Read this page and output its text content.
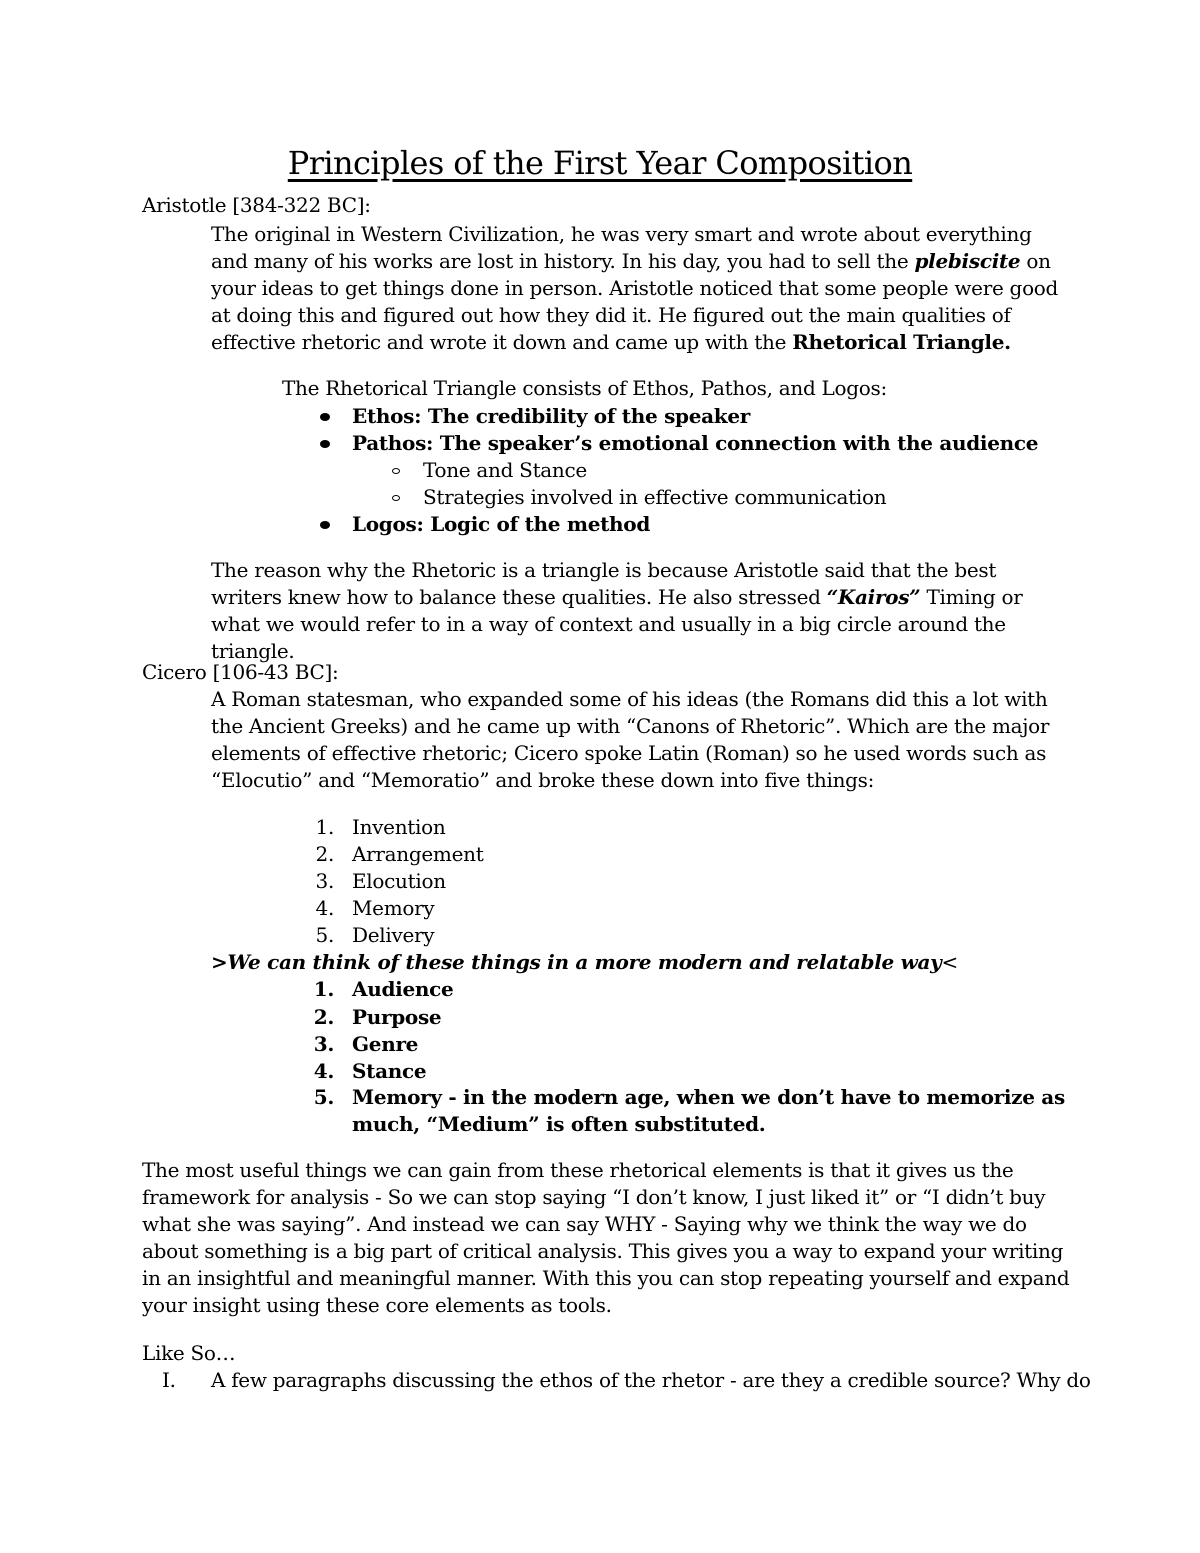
Principles of the First Year Composition

Aristotle [384-322 BC]:

The original in Western Civilization, he was very smart and wrote about everything and many of his works are lost in history. In his day, you had to sell the plebiscite on your ideas to get things done in person. Aristotle noticed that some people were good at doing this and figured out how they did it. He figured out the main qualities of effective rhetoric and wrote it down and came up with the Rhetorical Triangle.

The Rhetorical Triangle consists of Ethos, Pathos, and Logos:

Ethos: The credibility of the speaker
Pathos: The speaker’s emotional connection with the audience
Tone and Stance
Strategies involved in effective communication
Logos: Logic of the method

The reason why the Rhetoric is a triangle is because Aristotle said that the best writers knew how to balance these qualities. He also stressed “Kairos” Timing or what we would refer to in a way of context and usually in a big circle around the triangle.

Cicero [106-43 BC]:

A Roman statesman, who expanded some of his ideas (the Romans did this a lot with the Ancient Greeks) and he came up with “Canons of Rhetoric”. Which are the major elements of effective rhetoric; Cicero spoke Latin (Roman) so he used words such as “Elocutio” and “Memoratio” and broke these down into five things:

1. Invention
2. Arrangement
3. Elocution
4. Memory
5. Delivery

>We can think of these things in a more modern and relatable way<

1. Audience
2. Purpose
3. Genre
4. Stance
5. Memory - in the modern age, when we don’t have to memorize as
much, “Medium” is often substituted.

The most useful things we can gain from these rhetorical elements is that it gives us the framework for analysis - So we can stop saying “I don’t know, I just liked it” or “I didn’t buy what she was saying”. And instead we can say WHY - Saying why we think the way we do about something is a big part of critical analysis. This gives you a way to expand your writing in an insightful and meaningful manner. With this you can stop repeating yourself and expand your insight using these core elements as tools.

Like So…

I. A few paragraphs discussing the ethos of the rhetor - are they a credible source? Why do
